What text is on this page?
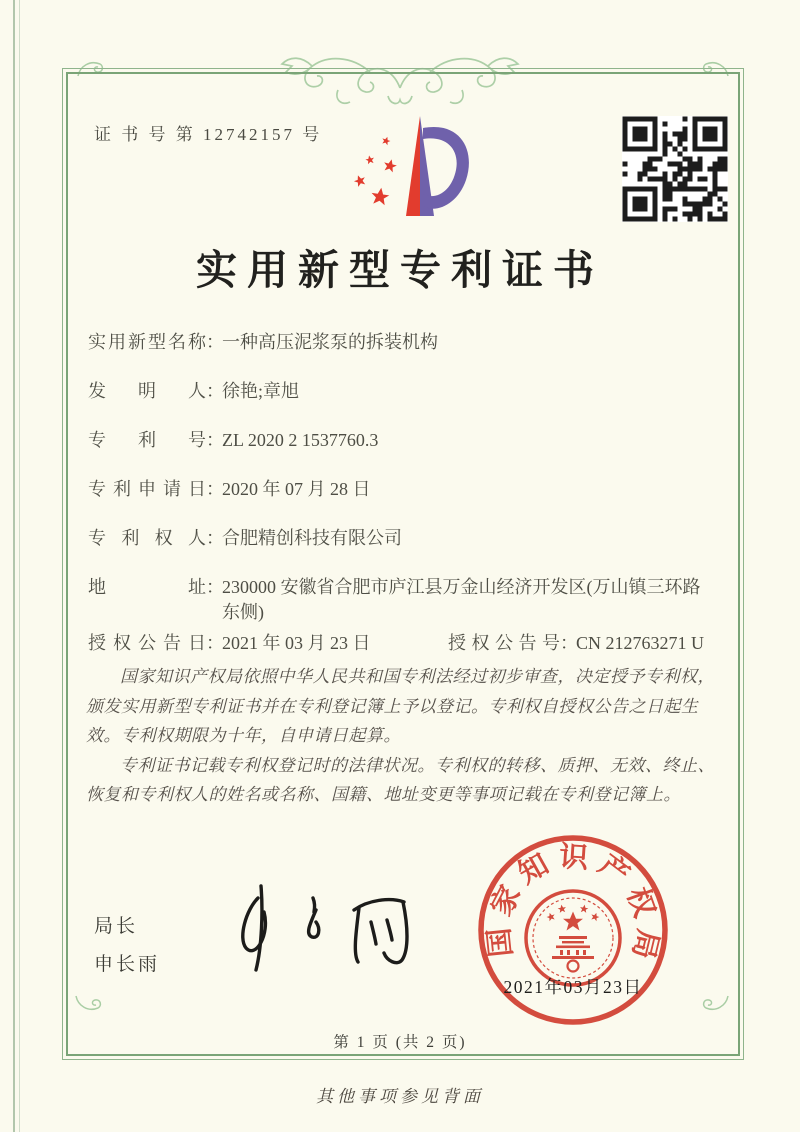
证 书 号 第 12742157 号
实用新型专利证书
实用新型名称 ：
一种高压泥浆泵的拆装机构
发明人 ：
徐艳;章旭
专利号 ：
ZL 2020 2 1537760.3
专利申请日 ：
2020 年 07 月 28 日
专利权人 ：
合肥精创科技有限公司
地址 ：
230000 安徽省合肥市庐江县万金山经济开发区(万山镇三环路东侧)
授权公告日 ：
2021 年 03 月 23 日	授权公告号 ：
CN 212763271 U

国家知识产权局依照中华人民共和国专利法经过初步审查，决定授予专利权，颁发实用新型专利证书并在专利登记簿上予以登记。专利权自授权公告之日起生效。专利权期限为十年，自申请日起算。

专利证书记载专利权登记时的法律状况。专利权的转移、质押、无效、终止、恢复和专利权人的姓名或名称、国籍、地址变更等事项记载在专利登记簿上。

局长
申长雨
国家知识产权局
2021年03月23日
第 1 页 (共 2 页)
其他事项参见背面
